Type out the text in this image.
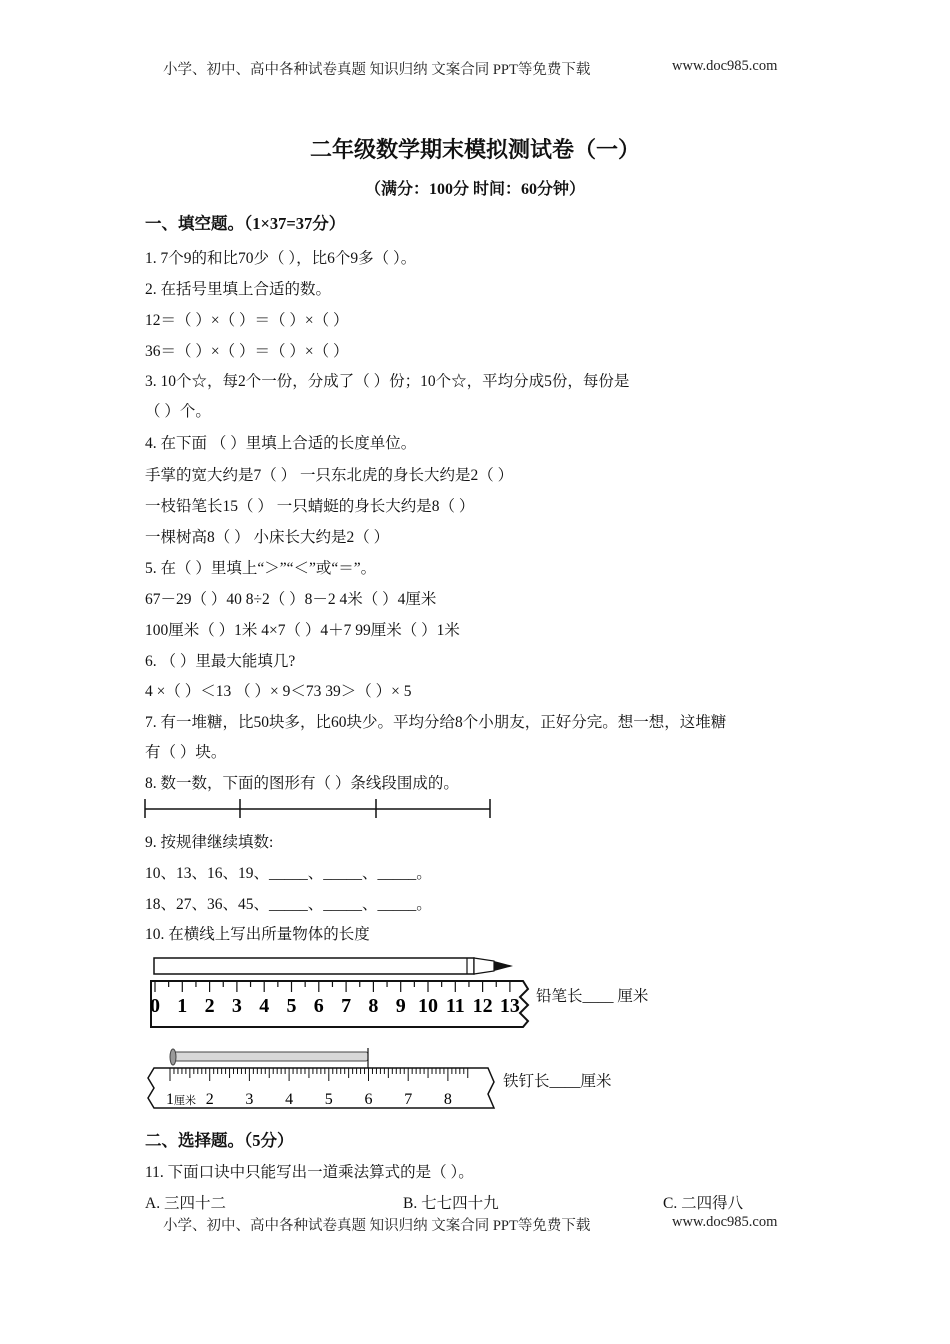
小学、初中、高中各种试卷真题 知识归纳 文案合同 PPT等免费下载	www.doc985.com
二年级数学期末模拟测试卷（一）
（满分：100分 时间：60分钟）
一、填空题。（1×37=37分）
1. 7个9的和比70少（ ），比6个9多（ ）。
2. 在括号里填上合适的数。
12＝（ ）×（ ）＝（ ）×（ ）
36＝（ ）×（ ）＝（ ）×（ ）
3. 10个☆，每2个一份，分成了（ ）份；10个☆，平均分成5份，每份是
（ ）个。
4. 在下面 （ ）里填上合适的长度单位。
手掌的宽大约是7（ ） 一只东北虎的身长大约是2（ ）
一枝铅笔长15（ ） 一只蜻蜓的身长大约是8（ ）
一棵树高8（ ） 小床长大约是2（ ）
5. 在（ ）里填上“＞”“＜”或“＝”。
67－29（ ）40 8÷2（ ）8－2 4米（ ）4厘米
100厘米（ ）1米 4×7（ ）4＋7 99厘米（ ）1米
6. （ ）里最大能填几?
4 ×（ ）＜13 （ ）× 9＜73 39＞（ ）× 5
7. 有一堆糖，比50块多，比60块少。平均分给8个小朋友，正好分完。想一想，这堆糖
有（ ）块。
8. 数一数，下面的图形有（ ）条线段围成的。
9. 按规律继续填数:
10、13、16、19、_____、_____、_____。
18、27、36、45、_____、_____、_____。
10. 在横线上写出所量物体的长度
0 1 2 3 4 5 6 7 8 9 10 11 12 13 铅笔长____ 厘米
1 2 3 4 5 6 7 8
厘米
铁钉长____厘米
二、选择题。（5分）
11. 下面口诀中只能写出一道乘法算式的是（ ）。
A. 三四十二	B. 七七四十九	C. 二四得八
小学、初中、高中各种试卷真题 知识归纳 文案合同 PPT等免费下载	www.doc985.com
